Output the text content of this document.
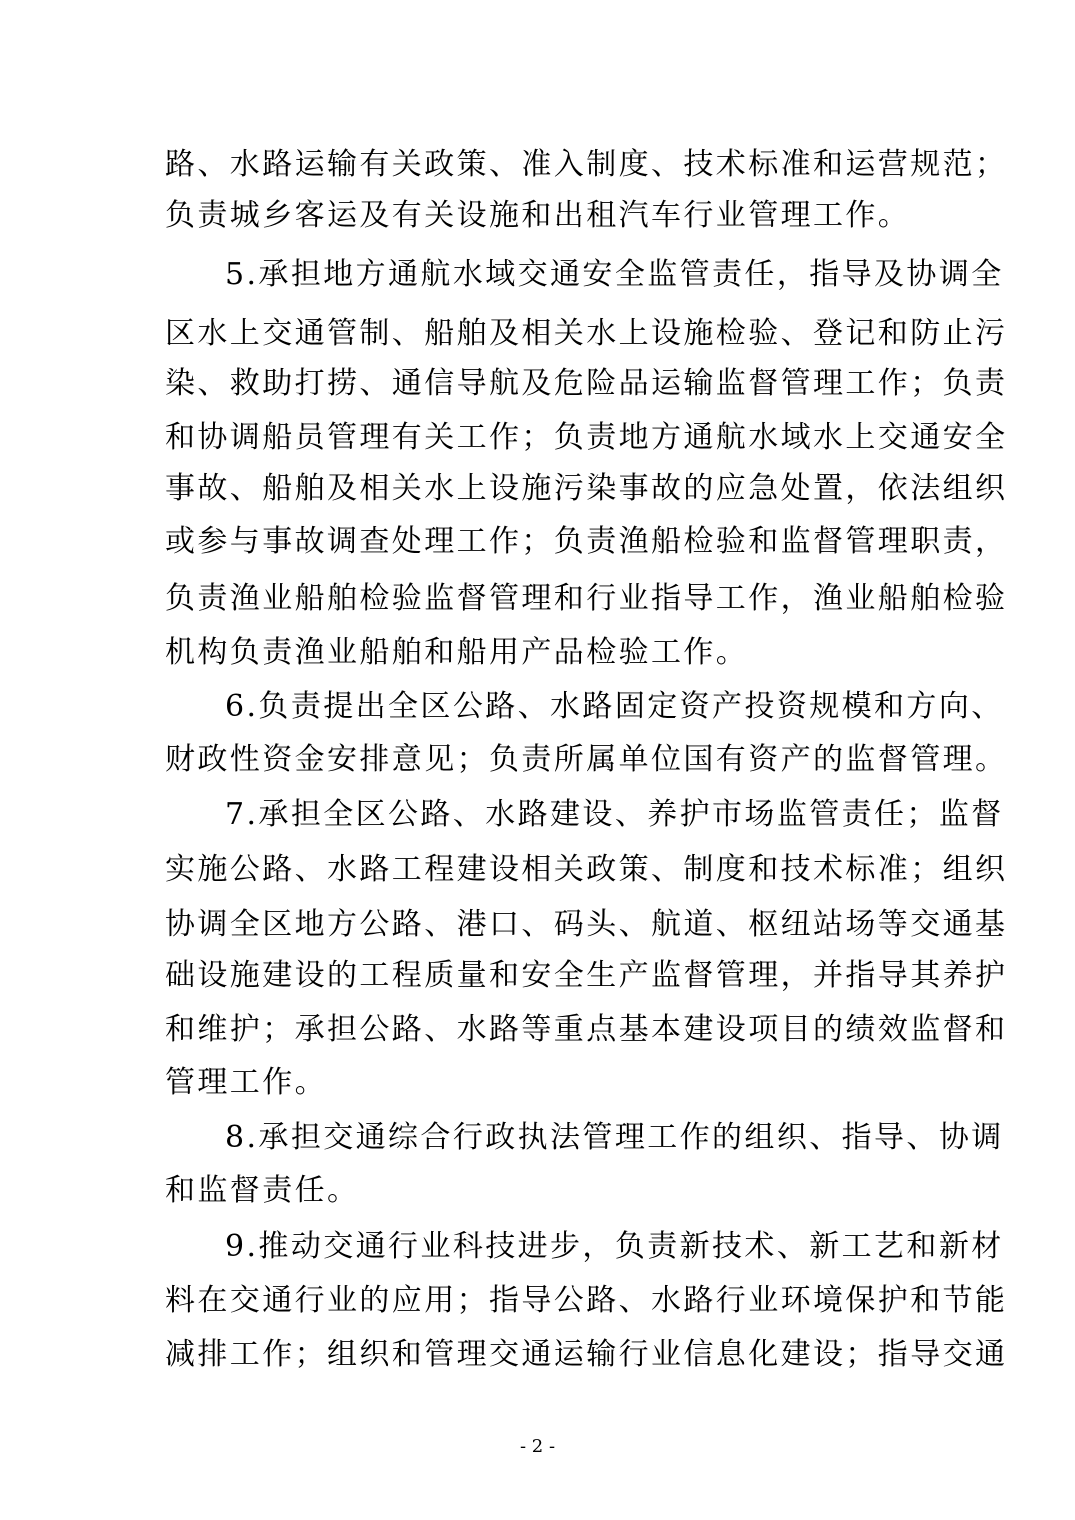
路、水路运输有关政策、准入制度、技术标准和运营规范；
负责城乡客运及有关设施和出租汽车行业管理工作。
5.承担地方通航水域交通安全监管责任，指导及协调全
区水上交通管制、船舶及相关水上设施检验、登记和防止污
染、救助打捞、通信导航及危险品运输监督管理工作；负责
和协调船员管理有关工作；负责地方通航水域水上交通安全
事故、船舶及相关水上设施污染事故的应急处置，依法组织
或参与事故调查处理工作；负责渔船检验和监督管理职责，
负责渔业船舶检验监督管理和行业指导工作，渔业船舶检验
机构负责渔业船舶和船用产品检验工作。
6.负责提出全区公路、水路固定资产投资规模和方向、
财政性资金安排意见；负责所属单位国有资产的监督管理。
7.承担全区公路、水路建设、养护市场监管责任；监督
实施公路、水路工程建设相关政策、制度和技术标准；组织
协调全区地方公路、港口、码头、航道、枢纽站场等交通基
础设施建设的工程质量和安全生产监督管理，并指导其养护
和维护；承担公路、水路等重点基本建设项目的绩效监督和
管理工作。
8.承担交通综合行政执法管理工作的组织、指导、协调
和监督责任。
9.推动交通行业科技进步，负责新技术、新工艺和新材
料在交通行业的应用；指导公路、水路行业环境保护和节能
减排工作；组织和管理交通运输行业信息化建设；指导交通
- 2 -
